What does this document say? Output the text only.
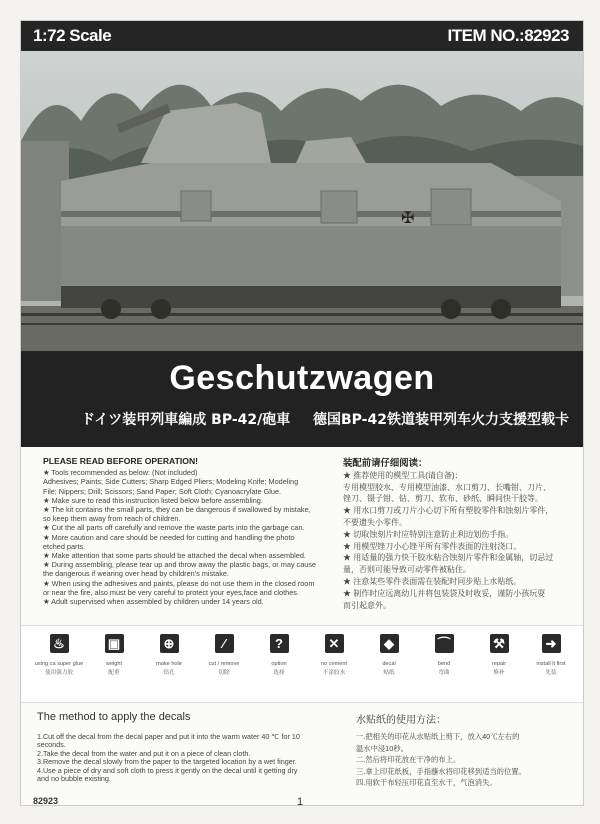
1:72 Scale	ITEM NO.:82923
✠
Geschutzwagen
ドイツ装甲列車編成 BP-42/砲車 德国BP-42铁道装甲列车火力支援型载卡
PLEASE READ BEFORE OPERATION!

★ Tools recommended as below: (Not included)

Adhesives; Paints; Side Cutters; Sharp Edged Pliers; Modeling Knife; Modeling

File; Nippers; Drill; Scissors; Sand Paper; Soft Cloth; Cyanoacrylate Glue.

★ Make sure to read this instruction listed below before assembling.

★ The kit contains the small parts, they can be dangerous if swallowed by mistake,

so keep them away from reach of children.

★ Cut the all parts off carefully and remove the waste parts into the garbage can.

★ More caution and care should be needed for cutting and handling the photo

etched parts.

★ Make attention that some parts should be attached the decal when assembled.

★ During assembling, please tear up and throw away the plastic bags, or may cause

the dangerous if wearing over head by children's mistake.

★ When using the adhesives and paints, please do not use them in the closed room

or near the fire, also must be very careful to protect your eyes,face and clothes.

★ Adult supervised when assembled by children under 14 years old.

装配前请仔细阅读：

★ 推荐使用的模型工具(请自备)：

专用模型胶水、专用模型油漆、水口剪刀、长嘴钳、刀片、

锉刀、镊子钳、钻、剪刀、软布、砂纸、瞬间快干胶等。

★ 用水口剪刀或刀片小心切下所有塑胶零件和蚀刻片零件，

不要遗失小零件。

★ 切取蚀刻片时应特别注意防止利边划伤手指。

★ 用模型锉刀小心锉平所有零件表面的注射浇口。

★ 用适量的强力快干胶水粘合蚀刻片零件和金属轴，切忌过

量，否则可能导致可动零件被粘住。

★ 注意某些零件表面需在装配时同步贴上水贴纸。

★ 制作时应远离幼儿并将包装袋及时收妥，谨防小孩玩耍

而引起意外。

♨
using ca super glue
使用强力胶
▣
weight
配重
⊕
make hole
钻孔
⁄
cut / remove
切除
?
option
选择
✕
no cement
不涂胶水
◆
decal
贴纸
⌒
bend
弯曲
⚒
repair
修补
➜
install it first
先装
The method to apply the decals	水贴纸的使用方法：

1.Cut off the decal from the decal paper and put it into the warm water 40 ℃ for 10

seconds.

2.Take the decal from the water and put it on a piece of clean cloth.

3.Remove the decal slowly from the paper to the targeted location by a wet finger.

4.Use a piece of dry and soft cloth to press it gently on the decal until it getting dry

and no bubble existing.

一.把相关的印花从水贴纸上剪下，放入40℃左右的

温水中浸10秒。

二.然后将印花放在干净的布上。

三.拿上印花纸板，手指蘸水将印花移到适当的位置。

四.用软干布轻压印花直至水干，气泡消失。

82923	1
